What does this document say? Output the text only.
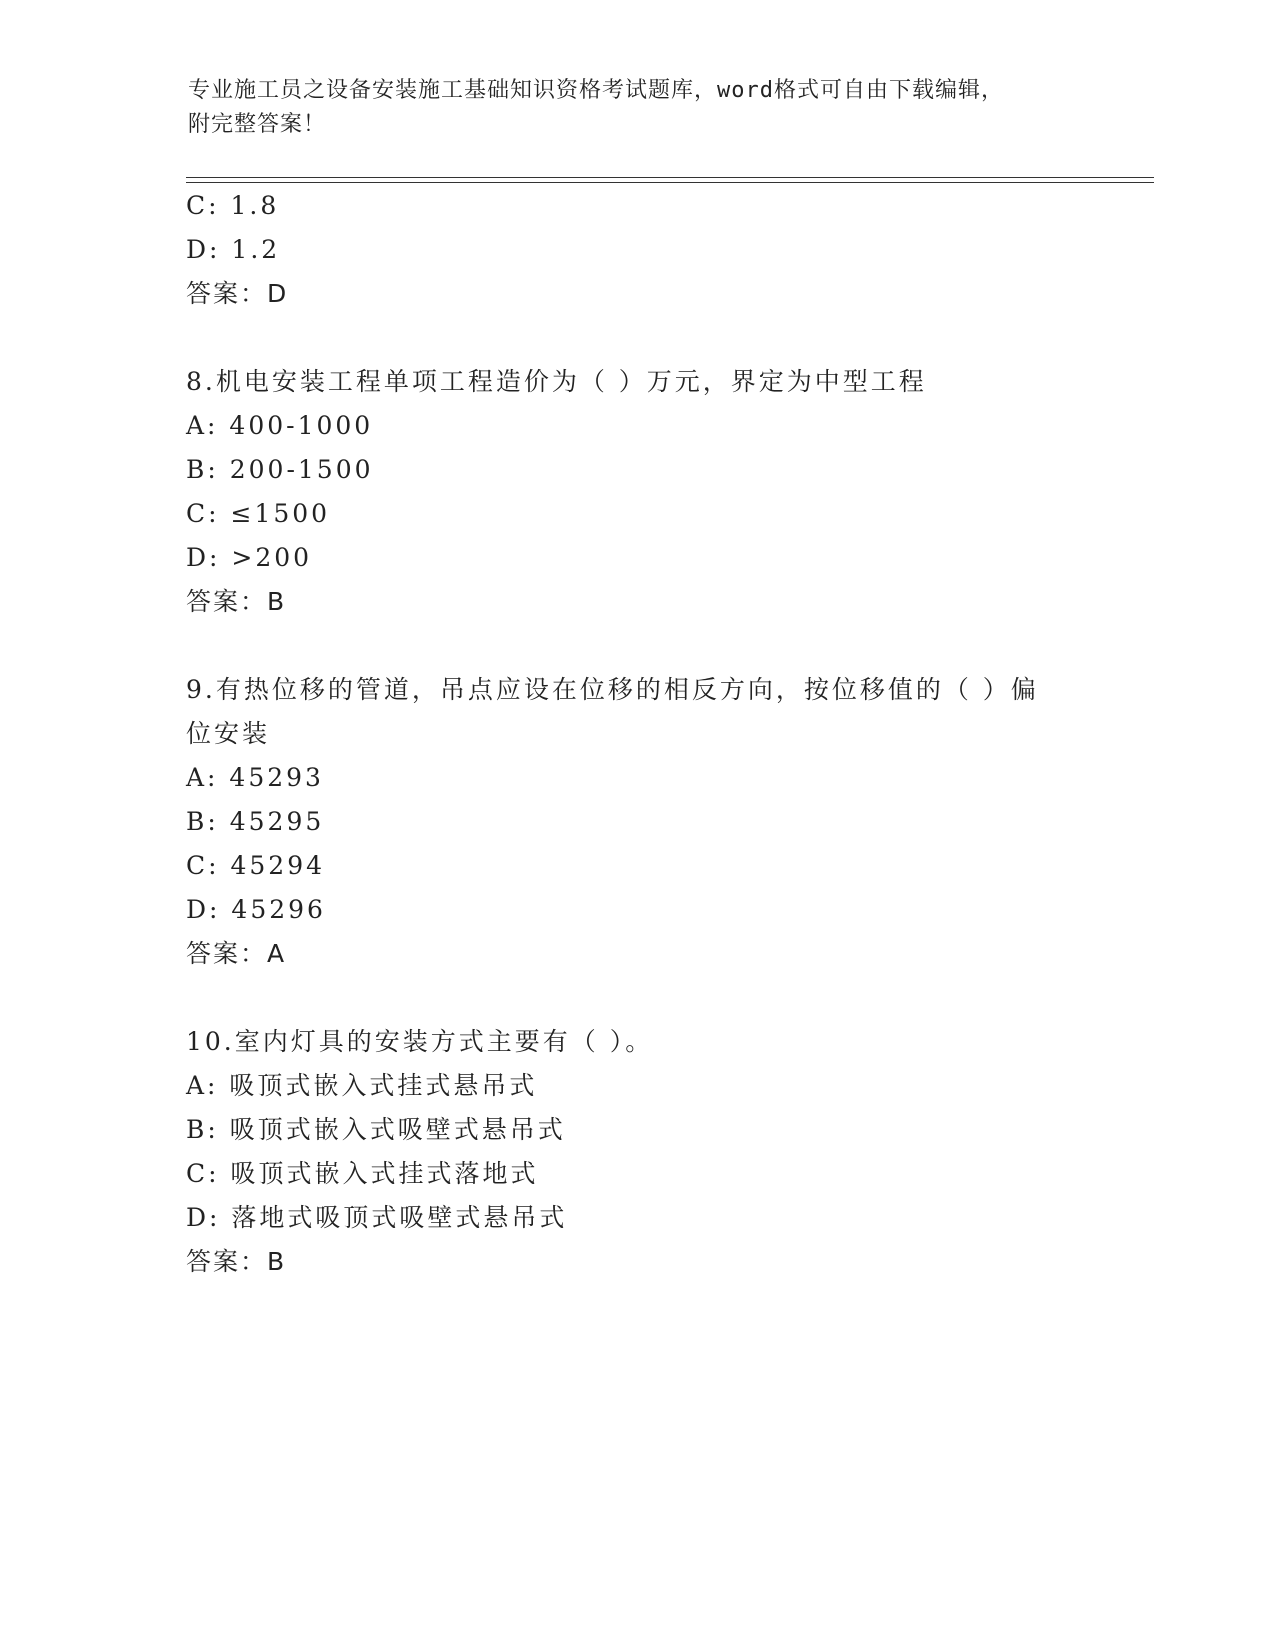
专业施工员之设备安装施工基础知识资格考试题库，word格式可自由下载编辑，
附完整答案！
C: 1.8
D: 1.2
答案：D
8.机电安装工程单项工程造价为（ ）万元，界定为中型工程
A: 400-1000
B: 200-1500
C: ≤1500
D: >200
答案：B
9.有热位移的管道，吊点应设在位移的相反方向，按位移值的（ ）偏
位安装
A: 45293
B: 45295
C: 45294
D: 45296
答案：A
10.室内灯具的安装方式主要有（ ）。
A: 吸顶式嵌入式挂式悬吊式
B: 吸顶式嵌入式吸壁式悬吊式
C: 吸顶式嵌入式挂式落地式
D: 落地式吸顶式吸壁式悬吊式
答案：B
